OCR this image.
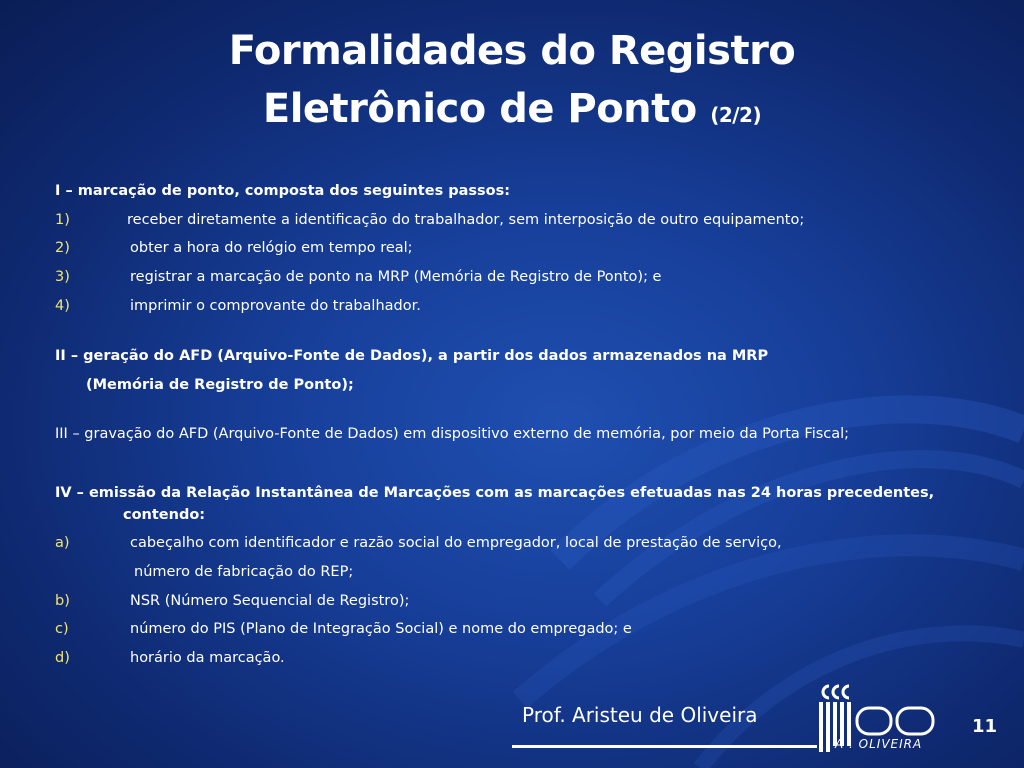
Formalidades do Registro
Eletrônico de Ponto (2/2)
I – marcação de ponto, composta dos seguintes passos:
1)	receber diretamente a identificação do trabalhador, sem interposição de outro equipamento;
2)	obter a hora do relógio em tempo real;
3)	registrar a marcação de ponto na MRP (Memória de Registro de Ponto); e
4)	imprimir o comprovante do trabalhador.
II – geração do AFD (Arquivo-Fonte de Dados), a partir dos dados armazenados na MRP
(Memória de Registro de Ponto);
III – gravação do AFD (Arquivo-Fonte de Dados) em dispositivo externo de memória, por meio da Porta Fiscal;
IV – emissão da Relação Instantânea de Marcações com as marcações efetuadas nas 24 horas precedentes,
contendo:
a)	cabeçalho com identificador e razão social do empregador, local de prestação de serviço,
número de fabricação do REP;
b)	NSR (Número Sequencial de Registro);
c)	número do PIS (Plano de Integração Social) e nome do empregado; e
d)	horário da marcação.
Prof. Aristeu de Oliveira
A . OLIVEIRA
11
